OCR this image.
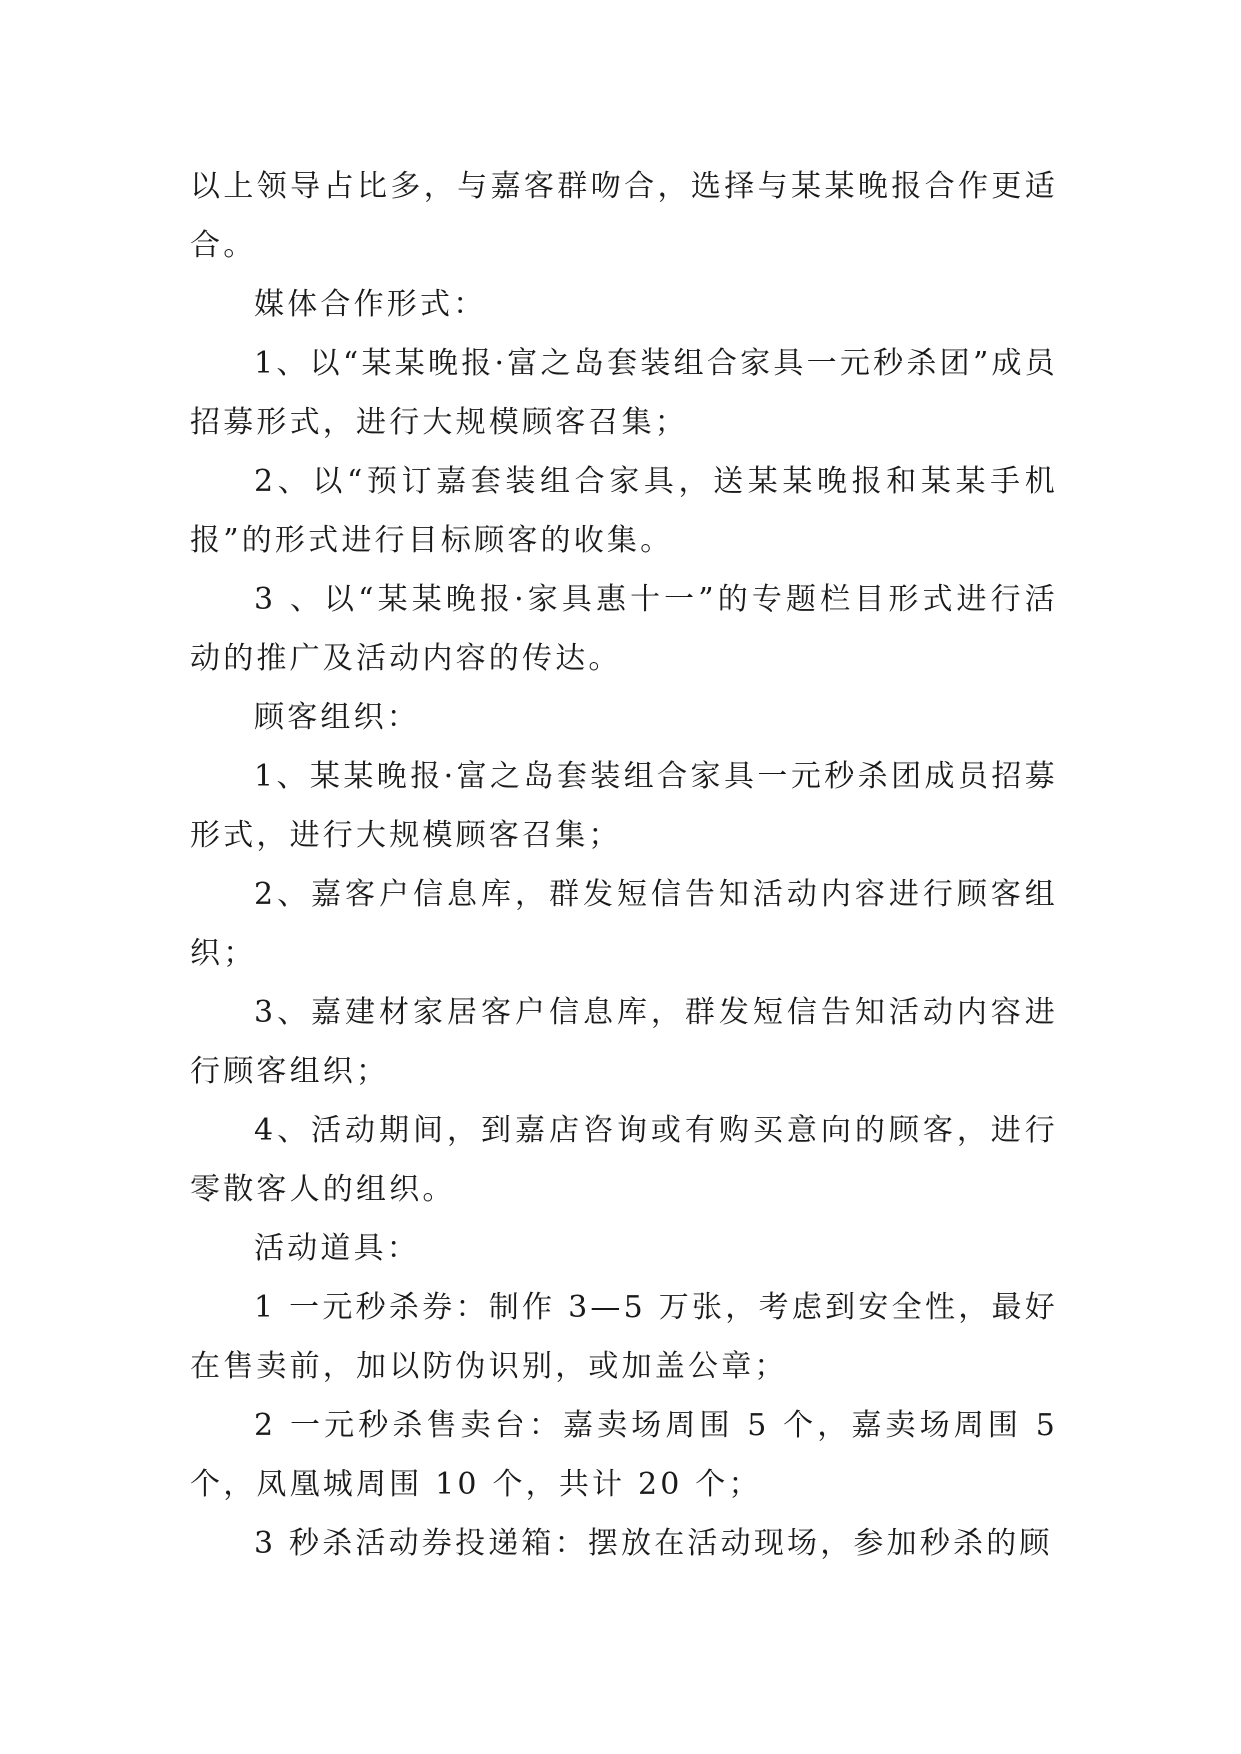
以上领导占比多，与嘉客群吻合，选择与某某晚报合作更适合。

媒体合作形式：

1、以“某某晚报·富之岛套装组合家具一元秒杀团”成员招募形式，进行大规模顾客召集；

2、以“预订嘉套装组合家具，送某某晚报和某某手机报”的形式进行目标顾客的收集。

3 、以“某某晚报·家具惠十一”的专题栏目形式进行活动的推广及活动内容的传达。

顾客组织：

1、某某晚报·富之岛套装组合家具一元秒杀团成员招募形式，进行大规模顾客召集；

2、嘉客户信息库，群发短信告知活动内容进行顾客组织；

3、嘉建材家居客户信息库，群发短信告知活动内容进行顾客组织；

4、活动期间，到嘉店咨询或有购买意向的顾客，进行零散客人的组织。

活动道具：

1 一元秒杀券：制作 3—5 万张，考虑到安全性，最好在售卖前，加以防伪识别，或加盖公章；

2 一元秒杀售卖台：嘉卖场周围 5 个，嘉卖场周围 5 个，凤凰城周围 10 个，共计 20 个；

3 秒杀活动券投递箱：摆放在活动现场，参加秒杀的顾
